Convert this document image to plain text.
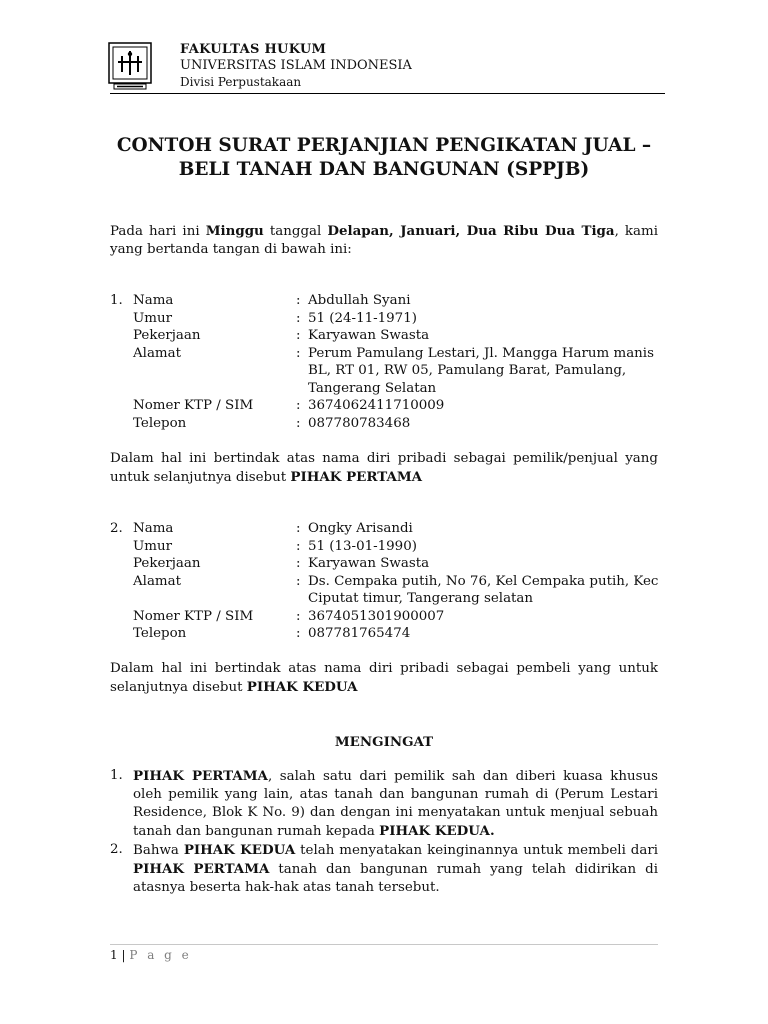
FAKULTAS HUKUM
UNIVERSITAS ISLAM INDONESIA
Divisi Perpustakaan
CONTOH SURAT PERJANJIAN PENGIKATAN JUAL –
BELI TANAH DAN BANGUNAN (SPPJB)
Pada hari ini Minggu tanggal Delapan, Januari, Dua Ribu Dua Tiga, kami yang bertanda tangan di bawah ini:
1. Nama	: Abdullah Syani
Umur	: 51 (24-11-1971)
Pekerjaan	: Karyawan Swasta
Alamat	: Perum Pamulang Lestari, Jl. Mangga Harum manis BL, RT 01, RW 05, Pamulang Barat, Pamulang, Tangerang Selatan
Nomer KTP / SIM	: 3674062411710009
Telepon	: 087780783468
Dalam hal ini bertindak atas nama diri pribadi sebagai pemilik/penjual yang untuk selanjutnya disebut PIHAK PERTAMA
2. Nama	: Ongky Arisandi
Umur	: 51 (13-01-1990)
Pekerjaan	: Karyawan Swasta
Alamat	: Ds. Cempaka putih, No 76, Kel Cempaka putih, Kec Ciputat timur, Tangerang selatan
Nomer KTP / SIM	: 3674051301900007
Telepon	: 087781765474
Dalam hal ini bertindak atas nama diri pribadi sebagai pembeli yang untuk selanjutnya disebut PIHAK KEDUA
MENGINGAT
1. PIHAK PERTAMA, salah satu dari pemilik sah dan diberi kuasa khusus oleh pemilik yang lain, atas tanah dan bangunan rumah di (Perum Lestari Residence, Blok K No. 9) dan dengan ini menyatakan untuk menjual sebuah tanah dan bangunan rumah kepada PIHAK KEDUA.
2. Bahwa PIHAK KEDUA telah menyatakan keinginannya untuk membeli dari PIHAK PERTAMA tanah dan bangunan rumah yang telah didirikan di atasnya beserta hak-hak atas tanah tersebut.
1 | P a g e
